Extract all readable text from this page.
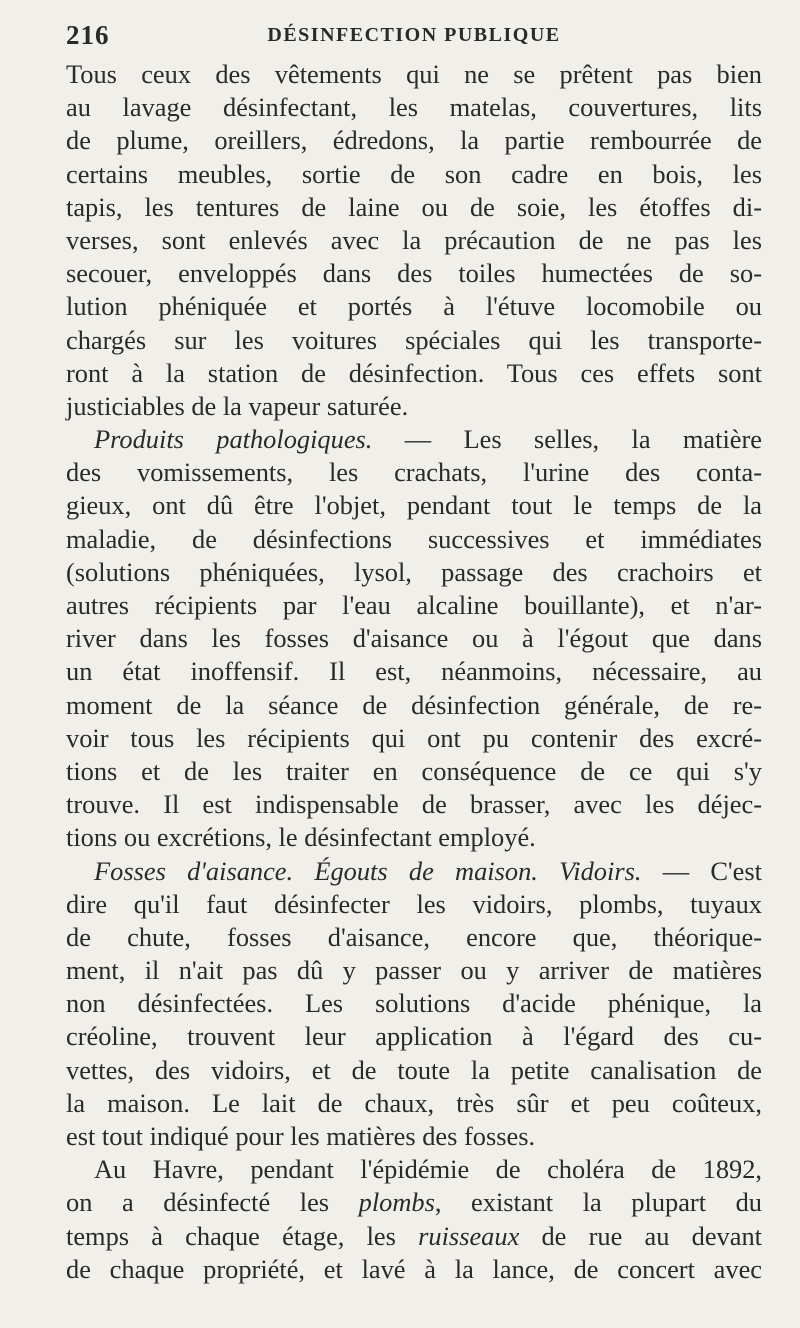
216	DÉSINFECTION PUBLIQUE
Tous ceux des vêtements qui ne se prêtent pas bien
au lavage désinfectant, les matelas, couvertures, lits
de plume, oreillers, édredons, la partie rembourrée de
certains meubles, sortie de son cadre en bois, les
tapis, les tentures de laine ou de soie, les étoffes di-
verses, sont enlevés avec la précaution de ne pas les
secouer, enveloppés dans des toiles humectées de so-
lution phéniquée et portés à l'étuve locomobile ou
chargés sur les voitures spéciales qui les transporte-
ront à la station de désinfection. Tous ces effets sont
justiciables de la vapeur saturée.
Produits pathologiques. — Les selles, la matière
des vomissements, les crachats, l'urine des conta-
gieux, ont dû être l'objet, pendant tout le temps de la
maladie, de désinfections successives et immédiates
(solutions phéniquées, lysol, passage des crachoirs et
autres récipients par l'eau alcaline bouillante), et n'ar-
river dans les fosses d'aisance ou à l'égout que dans
un état inoffensif. Il est, néanmoins, nécessaire, au
moment de la séance de désinfection générale, de re-
voir tous les récipients qui ont pu contenir des excré-
tions et de les traiter en conséquence de ce qui s'y
trouve. Il est indispensable de brasser, avec les déjec-
tions ou excrétions, le désinfectant employé.
Fosses d'aisance. Égouts de maison. Vidoirs. — C'est
dire qu'il faut désinfecter les vidoirs, plombs, tuyaux
de chute, fosses d'aisance, encore que, théorique-
ment, il n'ait pas dû y passer ou y arriver de matières
non désinfectées. Les solutions d'acide phénique, la
créoline, trouvent leur application à l'égard des cu-
vettes, des vidoirs, et de toute la petite canalisation de
la maison. Le lait de chaux, très sûr et peu coûteux,
est tout indiqué pour les matières des fosses.
Au Havre, pendant l'épidémie de choléra de 1892,
on a désinfecté les plombs, existant la plupart du
temps à chaque étage, les ruisseaux de rue au devant
de chaque propriété, et lavé à la lance, de concert avec
